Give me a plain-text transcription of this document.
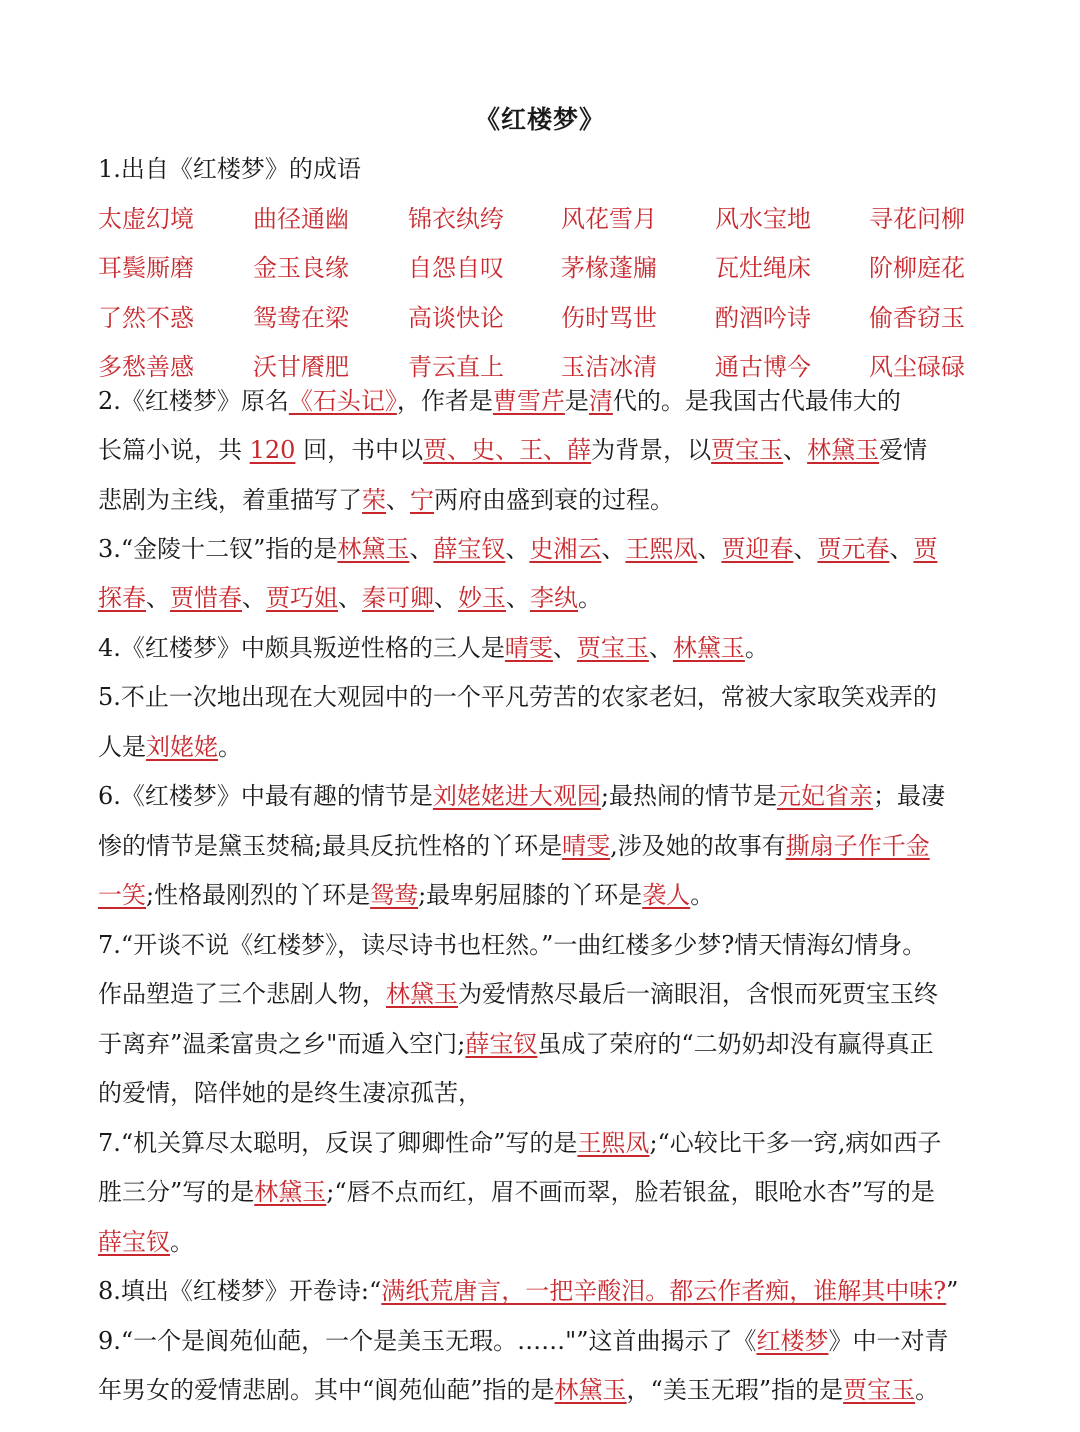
《红楼梦》
1.出自《红楼梦》的成语
太虚幻境 曲径通幽 锦衣纨绔 风花雪月 风水宝地 寻花问柳
耳鬓厮磨 金玉良缘 自怨自叹 茅椽蓬牖 瓦灶绳床 阶柳庭花
了然不惑 鸳鸯在梁 高谈快论 伤时骂世 酌酒吟诗 偷香窃玉
多愁善感 沃甘餍肥 青云直上 玉洁冰清 通古博今 风尘碌碌
2.《红楼梦》原名《石头记》，作者是曹雪芹是清代的。是我国古代最伟大的
长篇小说，共 120 回，书中以贾、史、王、薛为背景，以贾宝玉、林黛玉爱情
悲剧为主线，着重描写了荣、宁两府由盛到衰的过程。
3.“金陵十二钗”指的是林黛玉、薛宝钗、史湘云、王熙凤、贾迎春、贾元春、贾
探春、贾惜春、贾巧姐、秦可卿、妙玉、李纨。
4.《红楼梦》中颇具叛逆性格的三人是晴雯、贾宝玉、林黛玉。
5.不止一次地出现在大观园中的一个平凡劳苦的农家老妇，常被大家取笑戏弄的
人是刘姥姥。
6.《红楼梦》中最有趣的情节是刘姥姥进大观园;最热闹的情节是元妃省亲；最凄
惨的情节是黛玉焚稿;最具反抗性格的丫环是晴雯,涉及她的故事有撕扇子作千金
一笑;性格最刚烈的丫环是鸳鸯;最卑躬屈膝的丫环是袭人。
7.“开谈不说《红楼梦》，读尽诗书也枉然。”一曲红楼多少梦?情天情海幻情身。
作品塑造了三个悲剧人物，林黛玉为爱情熬尽最后一滴眼泪，含恨而死贾宝玉终
于离弃”温柔富贵之乡"而遁入空门;薛宝钗虽成了荣府的“二奶奶却没有赢得真正
的爱情，陪伴她的是终生凄凉孤苦，
7.“机关算尽太聪明，反误了卿卿性命”写的是王熙凤;“心较比干多一窍,病如西子
胜三分”写的是林黛玉;“唇不点而红，眉不画而翠，脸若银盆，眼呛水杏”写的是
薛宝钗。
8.填出《红楼梦》开卷诗:“满纸荒唐言，一把辛酸泪。都云作者痴，谁解其中味?”
9.“一个是阆苑仙葩，一个是美玉无瑕。……"”这首曲揭示了《红楼梦》中一对青
年男女的爱情悲剧。其中“阆苑仙葩”指的是林黛玉，“美玉无瑕”指的是贾宝玉。
